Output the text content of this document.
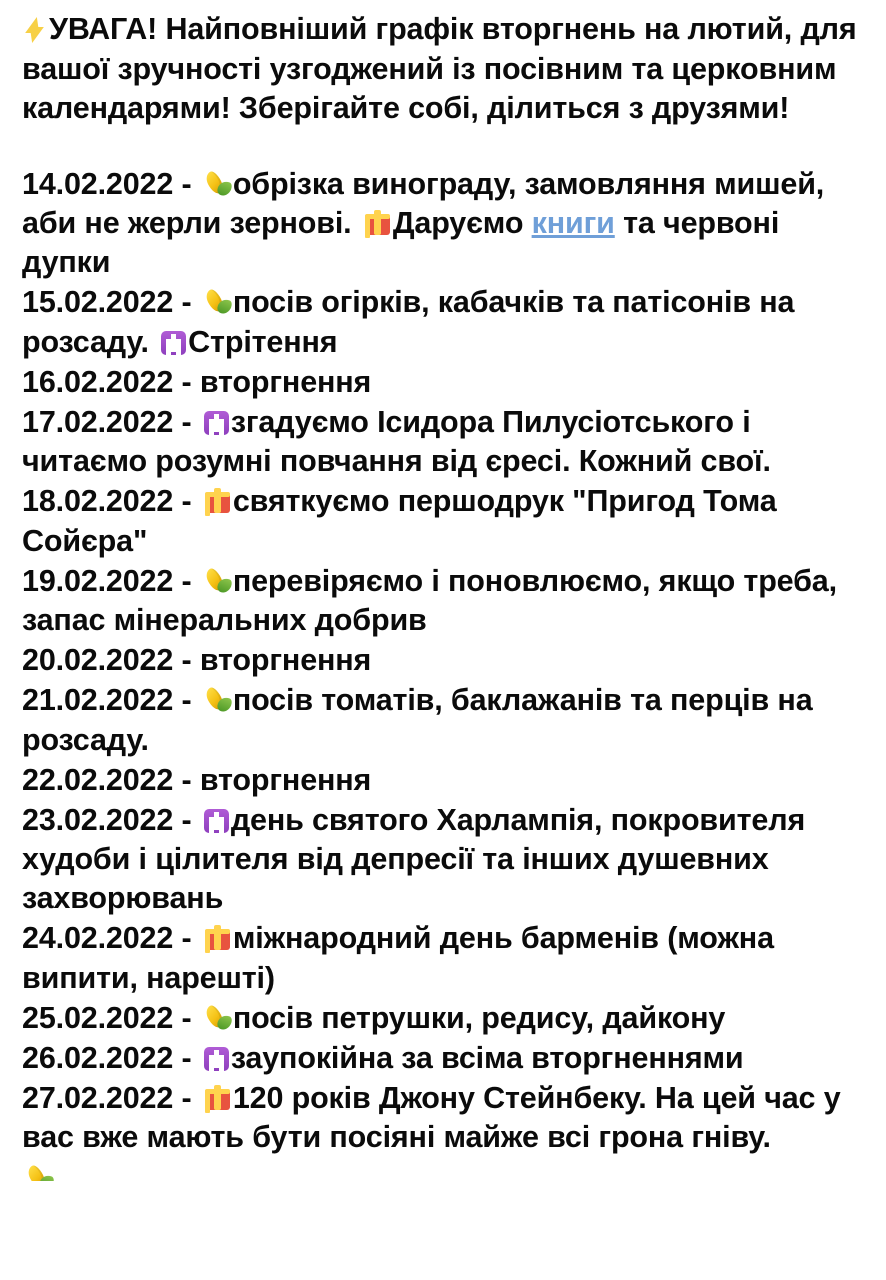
УВАГА! Найповніший графік вторгнень на лютий, для вашої зручності узгоджений із посівним та церковним календарями! Зберігайте собі, ділиться з друзями!

14.02.2022 - обрізка винограду, замовляння мишей, аби не жерли зернові.
Даруємо книги та червоні дупки

15.02.2022 - посів огірків, кабачків та патісонів на розсаду. Стрітення

16.02.2022 - вторгнення

17.02.2022 - згадуємо Ісидора Пилусіотського і читаємо розумні повчання від єресі. Кожний свої.

18.02.2022 - святкуємо першодрук "Пригод Тома Сойєра"

19.02.2022 - перевіряємо і поновлюємо, якщо треба, запас мінеральних добрив

20.02.2022 - вторгнення

21.02.2022 - посів томатів, баклажанів та перців на розсаду.

22.02.2022 - вторгнення

23.02.2022 - день святого Харлампія, покровителя худоби і цілителя від депресії та інших душевних захворювань

24.02.2022 - міжнародний день барменів (можна випити, нарешті)

25.02.2022 - посів петрушки, редису, дайкону

26.02.2022 - заупокійна за всіма вторгненнями

27.02.2022 - 120 років Джону Стейнбеку. На цей час у вас вже мають бути посіяні майже всі грона гніву.
